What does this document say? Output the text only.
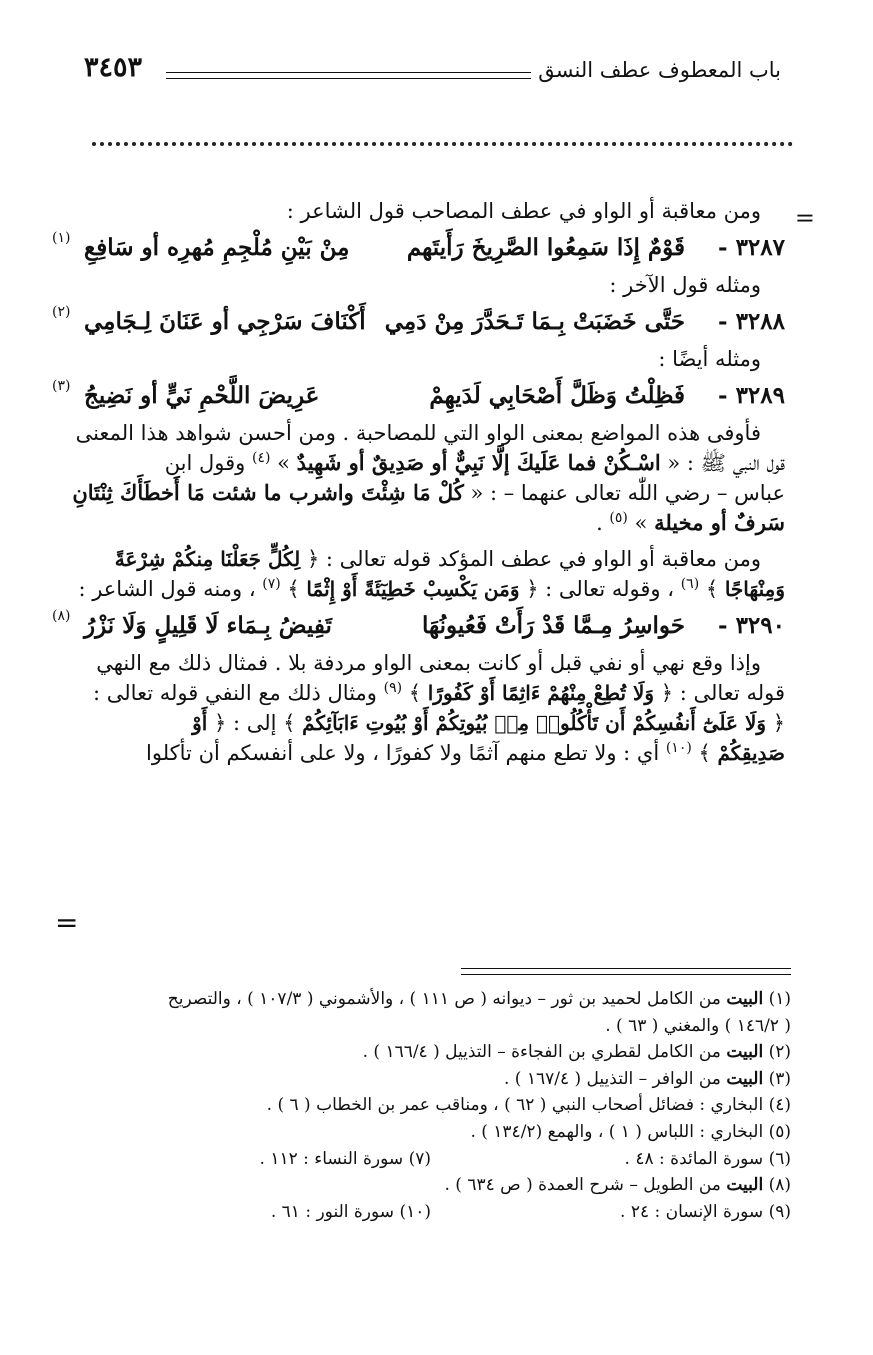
باب المعطوف عطف النسق
٣٤٥٣
=
=
ومن معاقبة أو الواو في عطف المصاحب قول الشاعر :
٣٢٨٧ -
قَوْمٌ إِذَا سَمِعُوا الصَّرِيخَ رَأَيتَهم
مِنْ بَيْنِ مُلْجِمِ مُهرِه أو سَافِعِ
(١)
ومثله قول الآخر :
٣٢٨٨ -
حَتَّى خَضَبَتْ بِـمَا تَـحَدَّرَ مِنْ دَمِي
أَكْنَافَ سَرْجِي أو عَنَانَ لِـجَامِي
(٢)
ومثله أيضًا :
٣٢٨٩ -
فَظِلْتُ وَظَلَّ أَصْحَابِي لَدَيهِمْ
عَرِيضَ اللَّحْمِ نَيٍّ أو نَضِيجُ
(٣)
فأوفى هذه المواضع بمعنى الواو التي للمصاحبة . ومن أحسن شواهد هذا المعنى
قول النبي ﷺ : « اسْـكُنْ فما عَلَيكَ إلَّا نَبِيٌّ أو صَدِيقٌ أو شَهِيدٌ » $^{(٤)}$ وقول ابن
عباس – رضي اللّٰه تعالى عنهما – : « كُلْ مَا شِئْتَ واشرب ما شئت مَا أَخطَأَكَ ثِنْتَانِ
سَرفٌ أو مخيلة » $^{(٥)}$ .
ومن معاقبة أو الواو في عطف المؤكد قوله تعالى : ﴿ لِكُلٍّ جَعَلْنَا مِنكُمْ شِرْعَةً
وَمِنْهَاجًا ﴾ $^{(٦)}$ ، وقوله تعالى : ﴿ وَمَن يَكْسِبْ خَطِيٓئَةً أَوْ إِثْمًا ﴾ $^{(٧)}$ ، ومنه قول الشاعر :
٣٢٩٠ -
حَواسِرُ مِـمَّا قَدْ رَأَتْ فَعُيونُهَا
تَفِيضُ بِـمَاء لَا قَلِيلٍ وَلَا نَزْرُ
(٨)
وإذا وقع نهي أو نفي قبل أو كانت بمعنى الواو مردفة بلا . فمثال ذلك مع النهي
قوله تعالى : ﴿ وَلَا تُطِعْ مِنْهُمْ ءَاثِمًا أَوْ كَفُورًا ﴾ $^{(٩)}$ ومثال ذلك مع النفي قوله تعالى :
﴿ وَلَا عَلَىٰٓ أَنفُسِكُمْ أَن تَأْكُلُوا۟ مِنۢ بُيُوتِكُمْ أَوْ بُيُوتِ ءَابَآئِكُمْ ﴾ إلى : ﴿ أَوْ
صَدِيقِكُمْ ﴾ $^{(١٠)}$ أي : ولا تطع منهم آثمًا ولا كفورًا ، ولا على أنفسكم أن تأكلوا
(١) البيت من الكامل لحميد بن ثور – ديوانه ( ص ١١١ ) ، والأشموني ( ١٠٧/٣ ) ، والتصريح
( ١٤٦/٢ ) والمغني ( ٦٣ ) .
(٢) البيت من الكامل لقطري بن الفجاءة – التذييل ( ١٦٦/٤ ) .
(٣) البيت من الوافر – التذييل ( ١٦٧/٤ ) .
(٤) البخاري : فضائل أصحاب النبي ( ٦٢ ) ، ومناقب عمر بن الخطاب ( ٦ ) .
(٥) البخاري : اللباس ( ١ ) ، والهمع (١٣٤/٢ ) .
(٦) سورة المائدة : ٤٨ .
(٧) سورة النساء : ١١٢ .
(٨) البيت من الطويل – شرح العمدة ( ص ٦٣٤ ) .
(٩) سورة الإنسان : ٢٤ .
(١٠) سورة النور : ٦١ .
